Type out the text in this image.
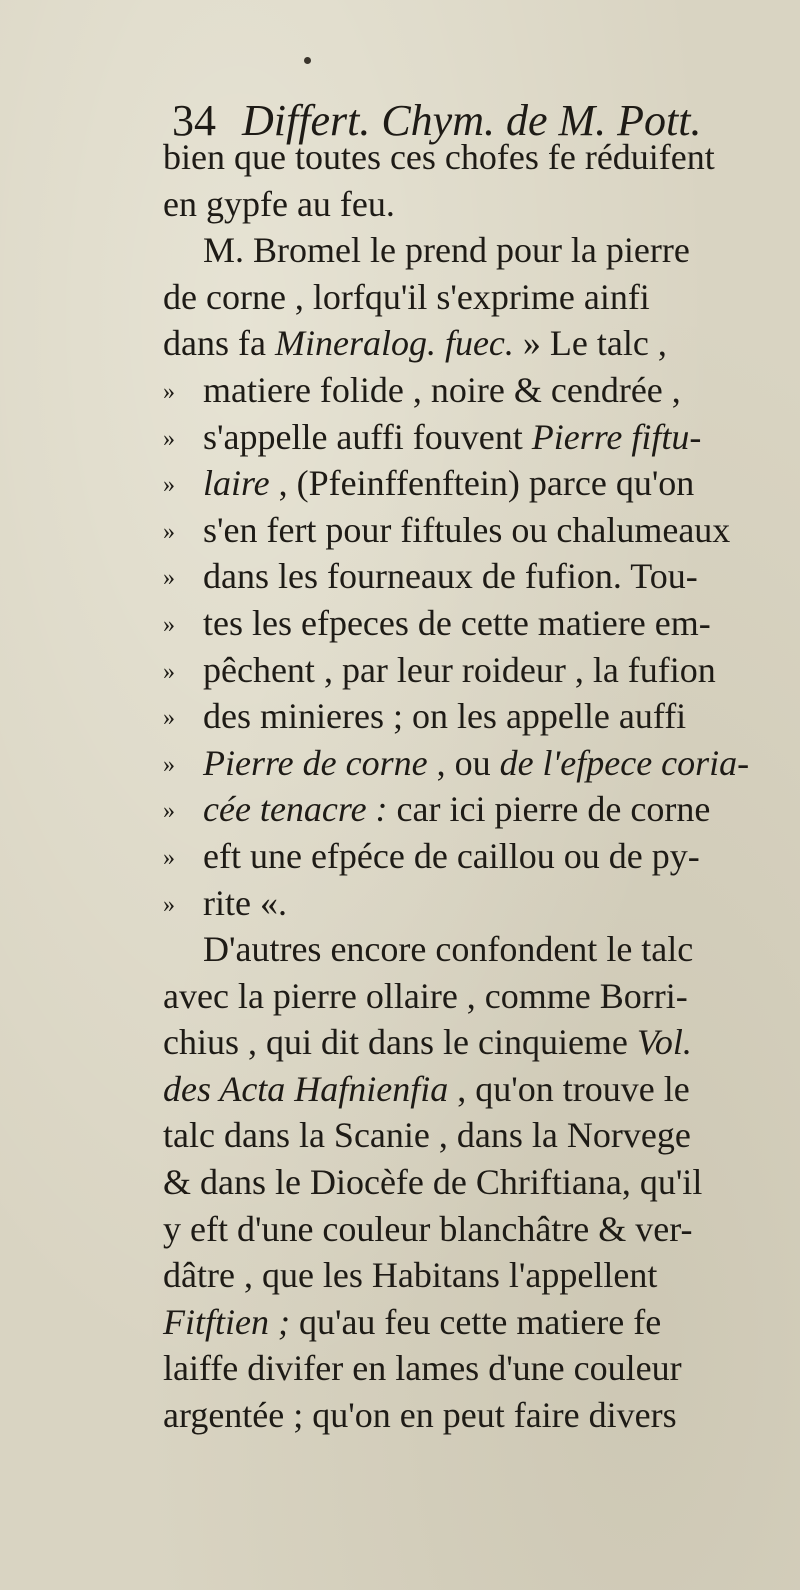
34 Differt. Chym. de M. Pott.
bien que toutes ces chofes fe réduifent
en gypfe au feu.
M. Bromel le prend pour la pierre
de corne , lorfqu'il s'exprime ainfi
dans fa Mineralog. fuec. » Le talc ,
» matiere folide , noire & cendrée ,
» s'appelle auffi fouvent Pierre fiftu-
» laire , (Pfeinffenftein) parce qu'on
» s'en fert pour fiftules ou chalumeaux
» dans les fourneaux de fufion. Tou-
» tes les efpeces de cette matiere em-
» pêchent , par leur roideur , la fufion
» des minieres ; on les appelle auffi
» Pierre de corne , ou de l'efpece coria-
» cée tenacre : car ici pierre de corne
» eft une efpéce de caillou ou de py-
» rite «.
D'autres encore confondent le talc
avec la pierre ollaire , comme Borri-
chius , qui dit dans le cinquieme Vol.
des Acta Hafnienfia , qu'on trouve le
talc dans la Scanie , dans la Norvege
& dans le Diocèfe de Chriftiana, qu'il
y eft d'une couleur blanchâtre & ver-
dâtre , que les Habitans l'appellent
Fitftien ; qu'au feu cette matiere fe
laiffe divifer en lames d'une couleur
argentée ; qu'on en peut faire divers
